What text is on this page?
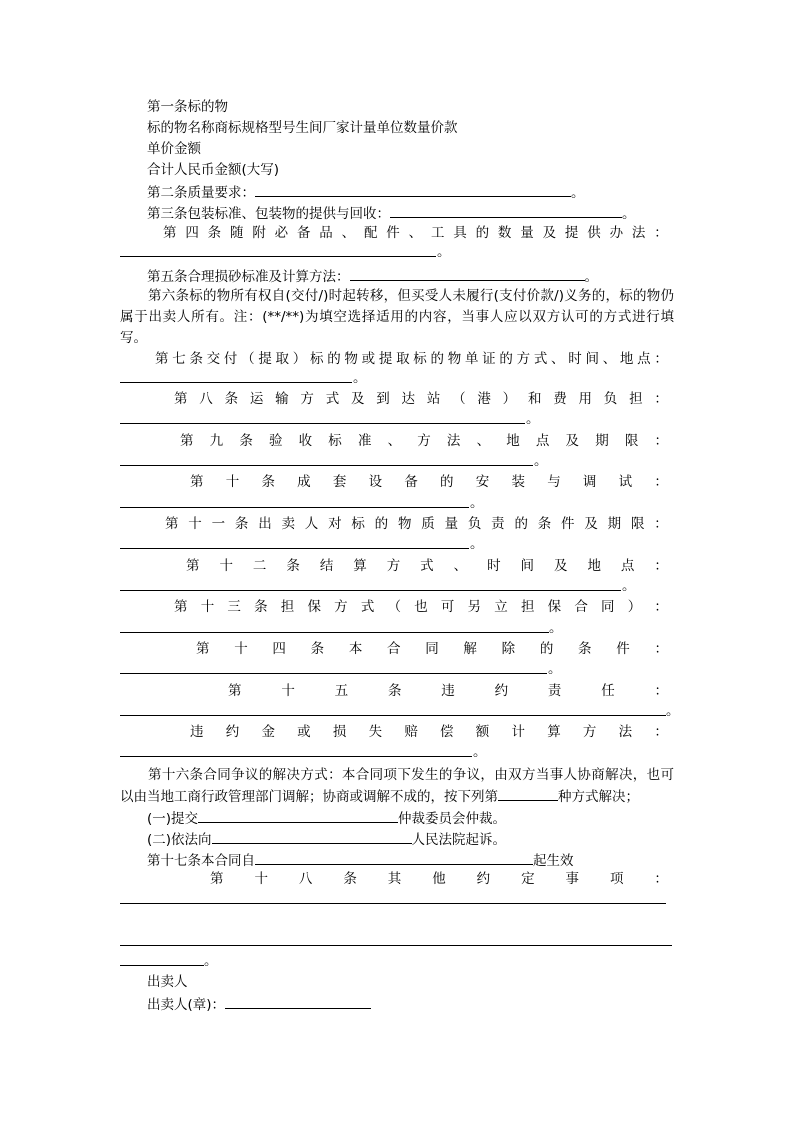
第一条标的物
标的物名称商标规格型号生间厂家计量单位数量价款
单价金额
合计人民币金额(大写)
第二条质量要求：	。
第三条包装标准、包装物的提供与回收：	。
第 四 条 随 附 必 备 品 、 配 件 、 工 具 的 数 量 及 提 供 办 法 ：
。
第五条合理损砂标准及计算方法：	。
第六条标的物所有权自(交付/)时起转移，但买受人未履行(支付价款/)义务的，标的物仍属于出卖人所有。注：(**/**)为填空选择适用的内容，当事人应以双方认可的方式进行填写。
第 七 条 交 付 （ 提 取 ） 标 的 物 或 提 取 标 的 物 单 证 的 方 式 、 时 间 、 地 点 ：
。
第 八 条 运 输 方 式 及 到 达 站 （ 港 ） 和 费 用 负 担 ：
。
第 九 条 验 收 标 准 、 方 法 、 地 点 及 期 限 ：
。
第 十 条 成 套 设 备 的 安 装 与 调 试 ：
。
第 十 一 条 出 卖 人 对 标 的 物 质 量 负 责 的 条 件 及 期 限 ：
。
第 十 二 条 结 算 方 式 、 时 间 及 地 点 ：
。
第 十 三 条 担 保 方 式 （ 也 可 另 立 担 保 合 同 ） ：
。
第 十 四 条 本 合 同 解 除 的 条 件 ：
。
第	十	五	条	违	约	责	任	：
。
违 约 金 或 损 失 赔 偿 额 计 算 方 法 ：
。
第十六条合同争议的解决方式：本合同项下发生的争议，由双方当事人协商解决，也可以由当地工商行政管理部门调解；协商或调解不成的，按下列第	种方式解决；
(一)提交	仲裁委员会仲裁。
(二)依法向	人民法院起诉。
第十七条本合同自	起生效
第 十 八 条 其 他 约 定 事 项 ：
。
出卖人
出卖人(章)：
